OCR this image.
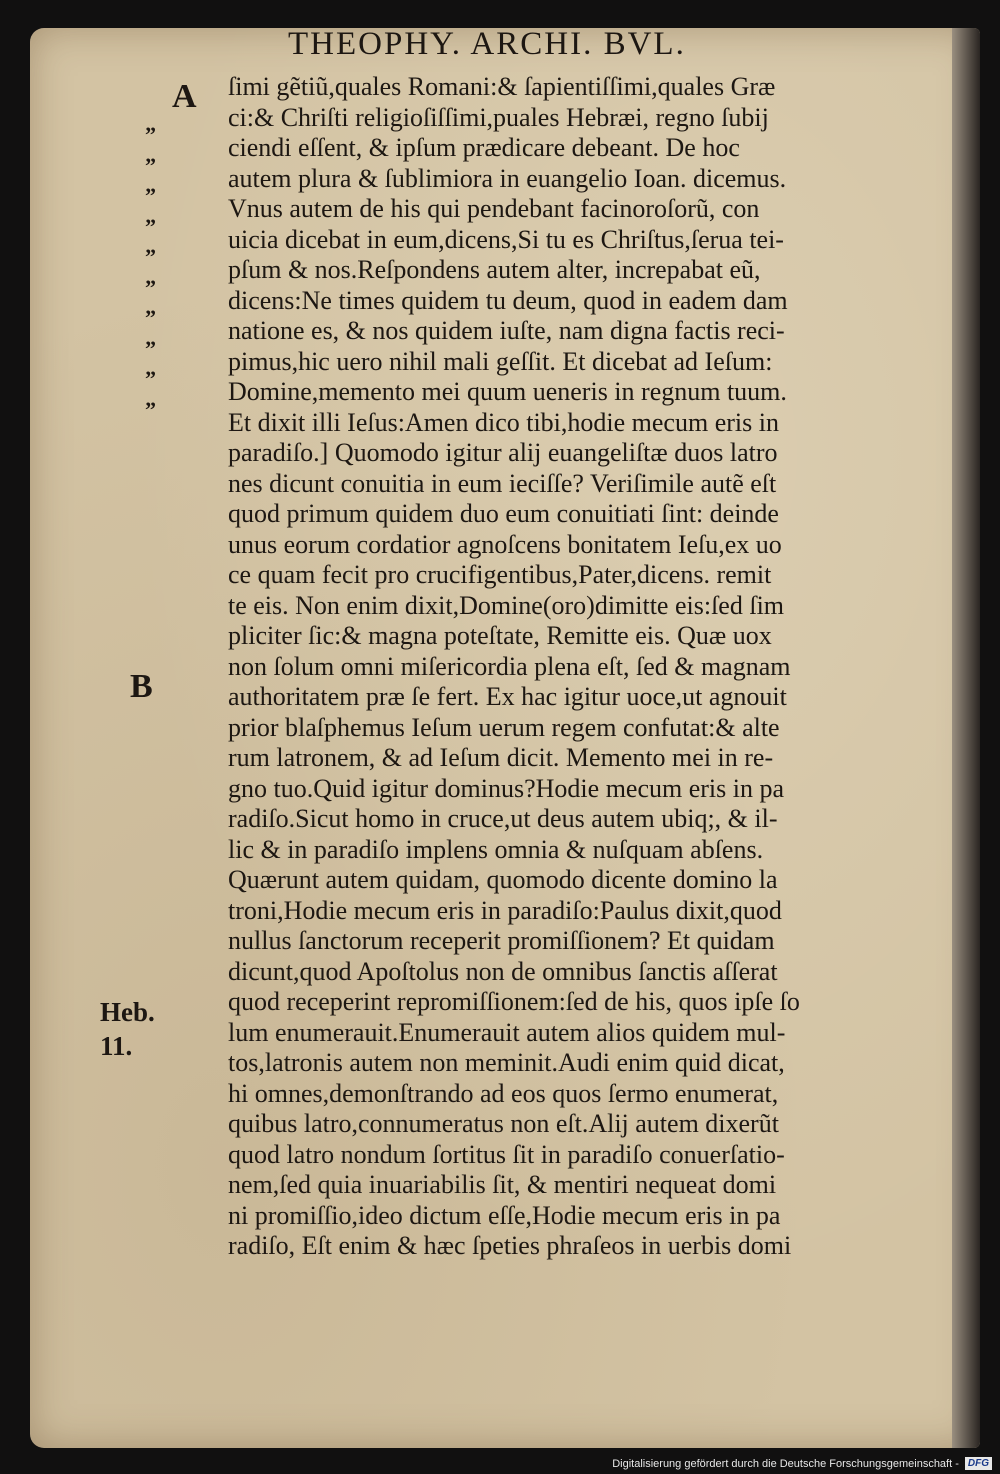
THEOPHY. ARCHI. BVL.
A
B
”
”
”
”
”
”
”
”
”
”
ſimi gẽtiũ,quales Romani:& ſapientiſſimi,quales Græ
ci:& Chriſti religioſiſſimi,puales Hebræi, regno ſubij
ciendi eſſent, & ipſum prædicare debeant. De hoc
autem plura & ſublimiora in euangelio Ioan. dicemus.
Vnus autem de his qui pendebant facinoroſorũ, con
uicia dicebat in eum,dicens,Si tu es Chriſtus,ſerua tei-
pſum & nos.Reſpondens autem alter, increpabat eũ,
dicens:Ne times quidem tu deum, quod in eadem dam
natione es, & nos quidem iuſte, nam digna factis reci-
pimus,hic uero nihil mali geſſit. Et dicebat ad Ieſum:
Domine,memento mei quum ueneris in regnum tuum.
Et dixit illi Ieſus:Amen dico tibi,hodie mecum eris in
paradiſo.] Quomodo igitur alij euangeliſtæ duos latro
nes dicunt conuitia in eum ieciſſe? Veriſimile autẽ eſt
quod primum quidem duo eum conuitiati ſint: deinde
unus eorum cordatior agnoſcens bonitatem Ieſu,ex uo
ce quam fecit pro crucifigentibus,Pater,dicens. remit
te eis. Non enim dixit,Domine(oro)dimitte eis:ſed ſim
pliciter ſic:& magna poteſtate, Remitte eis. Quæ uox
non ſolum omni miſericordia plena eſt, ſed & magnam
authoritatem præ ſe fert. Ex hac igitur uoce,ut agnouit
prior blaſphemus Ieſum uerum regem confutat:& alte
rum latronem, & ad Ieſum dicit. Memento mei in re-
gno tuo.Quid igitur dominus?Hodie mecum eris in pa
radiſo.Sicut homo in cruce,ut deus autem ubiq;, & il-
lic & in paradiſo implens omnia & nuſquam abſens.
Quærunt autem quidam, quomodo dicente domino la
troni,Hodie mecum eris in paradiſo:Paulus dixit,quod
nullus ſanctorum receperit promiſſionem? Et quidam
dicunt,quod Apoſtolus non de omnibus ſanctis aſſerat
quod receperint repromiſſionem:ſed de his, quos ipſe ſo
lum enumerauit.Enumerauit autem alios quidem mul-
tos,latronis autem non meminit.Audi enim quid dicat,
hi omnes,demonſtrando ad eos quos ſermo enumerat,
quibus latro,connumeratus non eſt.Alij autem dixerũt
quod latro nondum ſortitus ſit in paradiſo conuerſatio-
nem,ſed quia inuariabilis ſit, & mentiri nequeat domi
ni promiſſio,ideo dictum eſſe,Hodie mecum eris in pa
radiſo, Eſt enim & hæc ſpeties phraſeos in uerbis domi
Heb.
11.
Digitalisierung gefördert durch die Deutsche Forschungsgemeinschaft - DFG
